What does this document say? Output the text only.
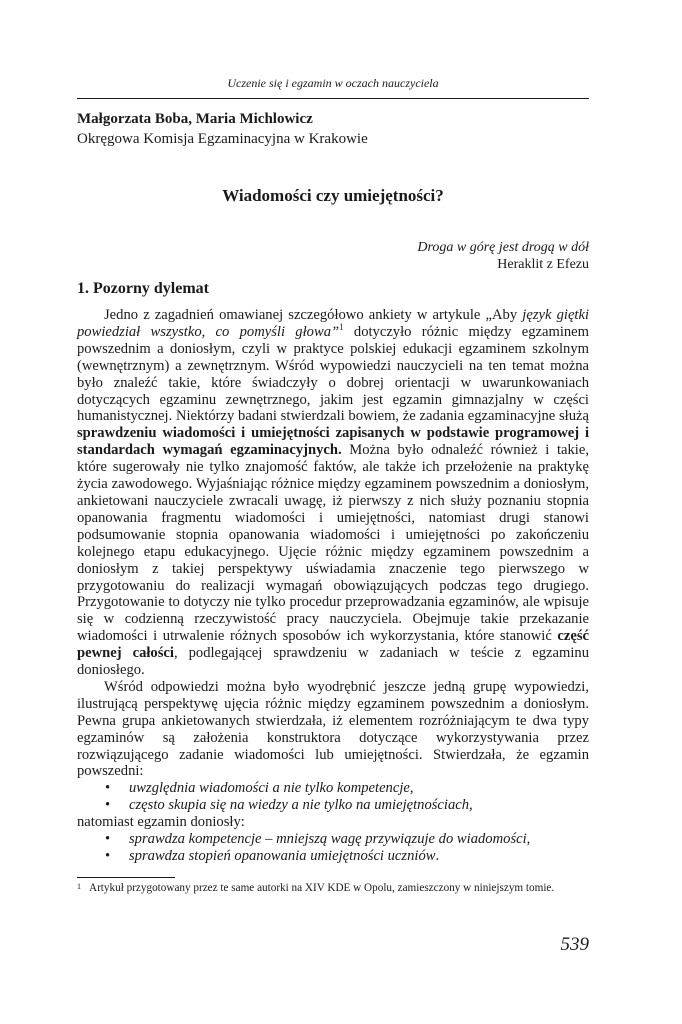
Uczenie się i egzamin w oczach nauczyciela
Małgorzata Boba, Maria Michlowicz
Okręgowa Komisja Egzaminacyjna w Krakowie
Wiadomości czy umiejętności?
Droga w górę jest drogą w dół
Heraklit z Efezu
1. Pozorny dylemat

Jedno z zagadnień omawianej szczegółowo ankiety w artykule „Aby język giętki powiedział wszystko, co pomyśli głowa”$^1$ dotyczyło różnic między egzaminem powszednim a doniosłym, czyli w praktyce polskiej edukacji egzaminem szkolnym (wewnętrznym) a zewnętrznym. Wśród wypowiedzi nauczycieli na ten temat można było znaleźć takie, które świadczyły o dobrej orientacji w uwarunkowaniach dotyczących egzaminu zewnętrznego, jakim jest egzamin gimnazjalny w części humanistycznej. Niektórzy badani stwierdzali bowiem, że zadania egzaminacyjne służą sprawdzeniu wiadomości i umiejętności zapisanych w podstawie programowej i standardach wymagań egzaminacyjnych. Można było odnaleźć również i takie, które sugerowały nie tylko znajomość faktów, ale także ich przełożenie na praktykę życia zawodowego. Wyjaśniając różnice między egzaminem powszednim a doniosłym, ankietowani nauczyciele zwracali uwagę, iż pierwszy z nich służy poznaniu stopnia opanowania fragmentu wiadomości i umiejętności, natomiast drugi stanowi podsumowanie stopnia opanowania wiadomości i umiejętności po zakończeniu kolejnego etapu edukacyjnego. Ujęcie różnic między egzaminem powszednim a doniosłym z takiej perspektywy uświadamia znaczenie tego pierwszego w przygotowaniu do realizacji wymagań obowiązujących podczas tego drugiego. Przygotowanie to dotyczy nie tylko procedur przeprowadzania egzaminów, ale wpisuje się w codzienną rzeczywistość pracy nauczyciela. Obejmuje takie przekazanie wiadomości i utrwalenie różnych sposobów ich wykorzystania, które stanowić część pewnej całości, podlegającej sprawdzeniu w zadaniach w teście z egzaminu doniosłego.

Wśród odpowiedzi można było wyodrębnić jeszcze jedną grupę wypowiedzi, ilustrującą perspektywę ujęcia różnic między egzaminem powszednim a doniosłym. Pewna grupa ankietowanych stwierdzała, iż elementem rozróżniającym te dwa typy egzaminów są założenia konstruktora dotyczące wykorzystywania przez rozwiązującego zadanie wiadomości lub umiejętności. Stwierdzała, że egzamin powszedni:

• uwzględnia wiadomości a nie tylko kompetencje,
• często skupia się na wiedzy a nie tylko na umiejętnościach,

natomiast egzamin doniosły:

• sprawdza kompetencje – mniejszą wagę przywiązuje do wiadomości,
• sprawdza stopień opanowania umiejętności uczniów.
1 Artykuł przygotowany przez te same autorki na XIV KDE w Opolu, zamieszczony w niniejszym tomie.
539
